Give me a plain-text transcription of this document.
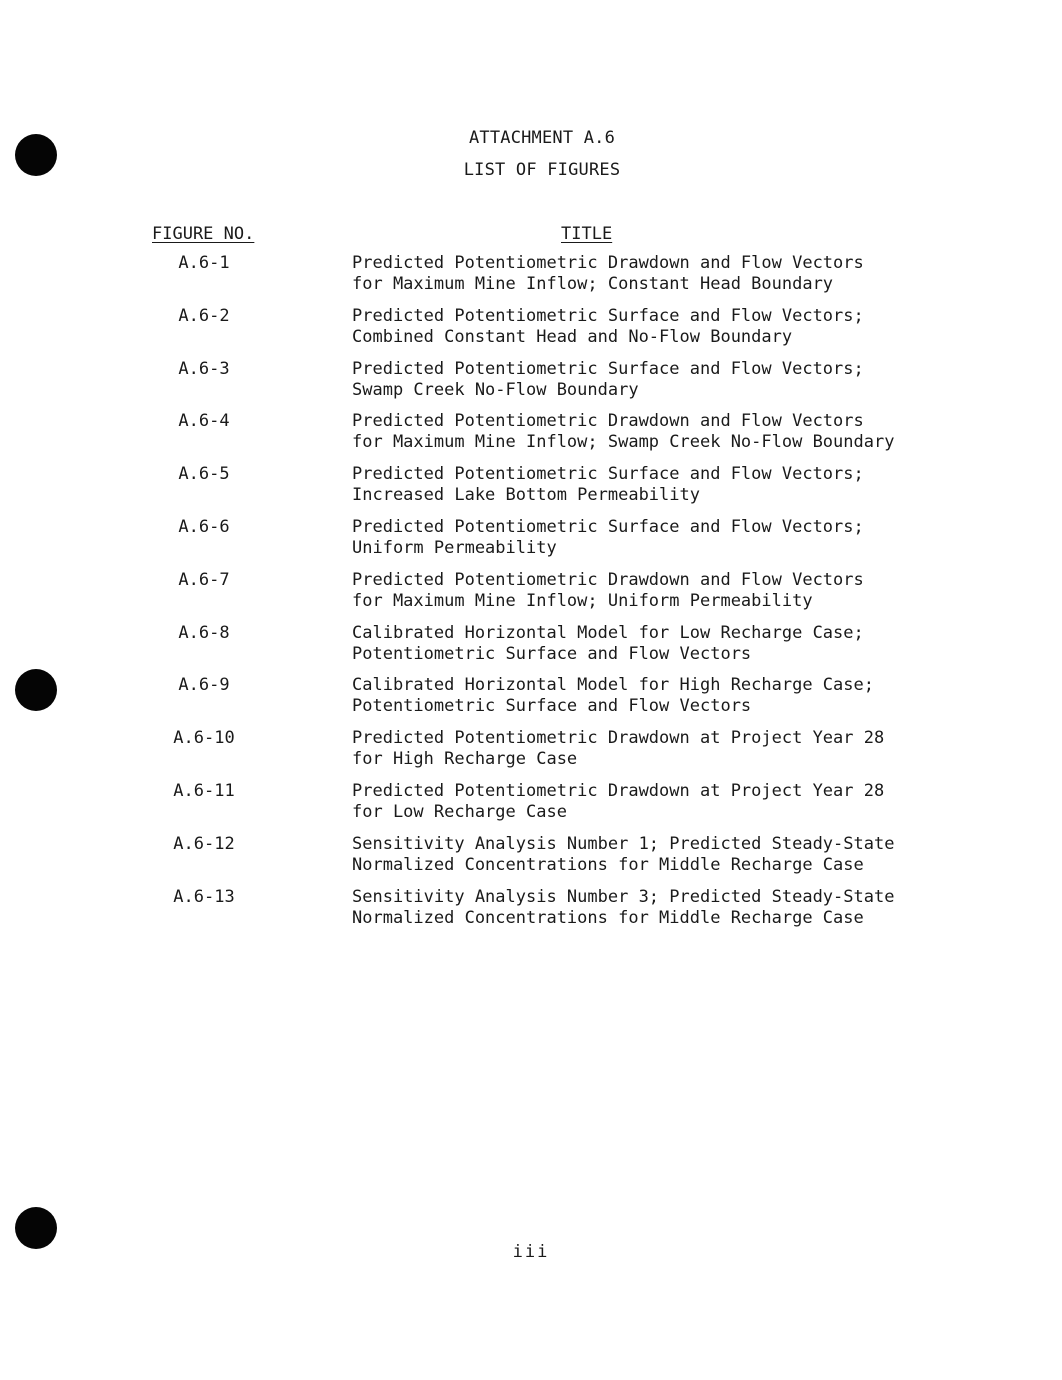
ATTACHMENT A.6
LIST OF FIGURES
FIGURE NO.	TITLE
A.6-1	Predicted Potentiometric Drawdown and Flow Vectors
for Maximum Mine Inflow; Constant Head Boundary
A.6-2	Predicted Potentiometric Surface and Flow Vectors;
Combined Constant Head and No-Flow Boundary
A.6-3	Predicted Potentiometric Surface and Flow Vectors;
Swamp Creek No-Flow Boundary
A.6-4	Predicted Potentiometric Drawdown and Flow Vectors
for Maximum Mine Inflow; Swamp Creek No-Flow Boundary
A.6-5	Predicted Potentiometric Surface and Flow Vectors;
Increased Lake Bottom Permeability
A.6-6	Predicted Potentiometric Surface and Flow Vectors;
Uniform Permeability
A.6-7	Predicted Potentiometric Drawdown and Flow Vectors
for Maximum Mine Inflow; Uniform Permeability
A.6-8	Calibrated Horizontal Model for Low Recharge Case;
Potentiometric Surface and Flow Vectors
A.6-9	Calibrated Horizontal Model for High Recharge Case;
Potentiometric Surface and Flow Vectors
A.6-10	Predicted Potentiometric Drawdown at Project Year 28
for High Recharge Case
A.6-11	Predicted Potentiometric Drawdown at Project Year 28
for Low Recharge Case
A.6-12	Sensitivity Analysis Number 1; Predicted Steady-State
Normalized Concentrations for Middle Recharge Case
A.6-13	Sensitivity Analysis Number 3; Predicted Steady-State
Normalized Concentrations for Middle Recharge Case
iii
